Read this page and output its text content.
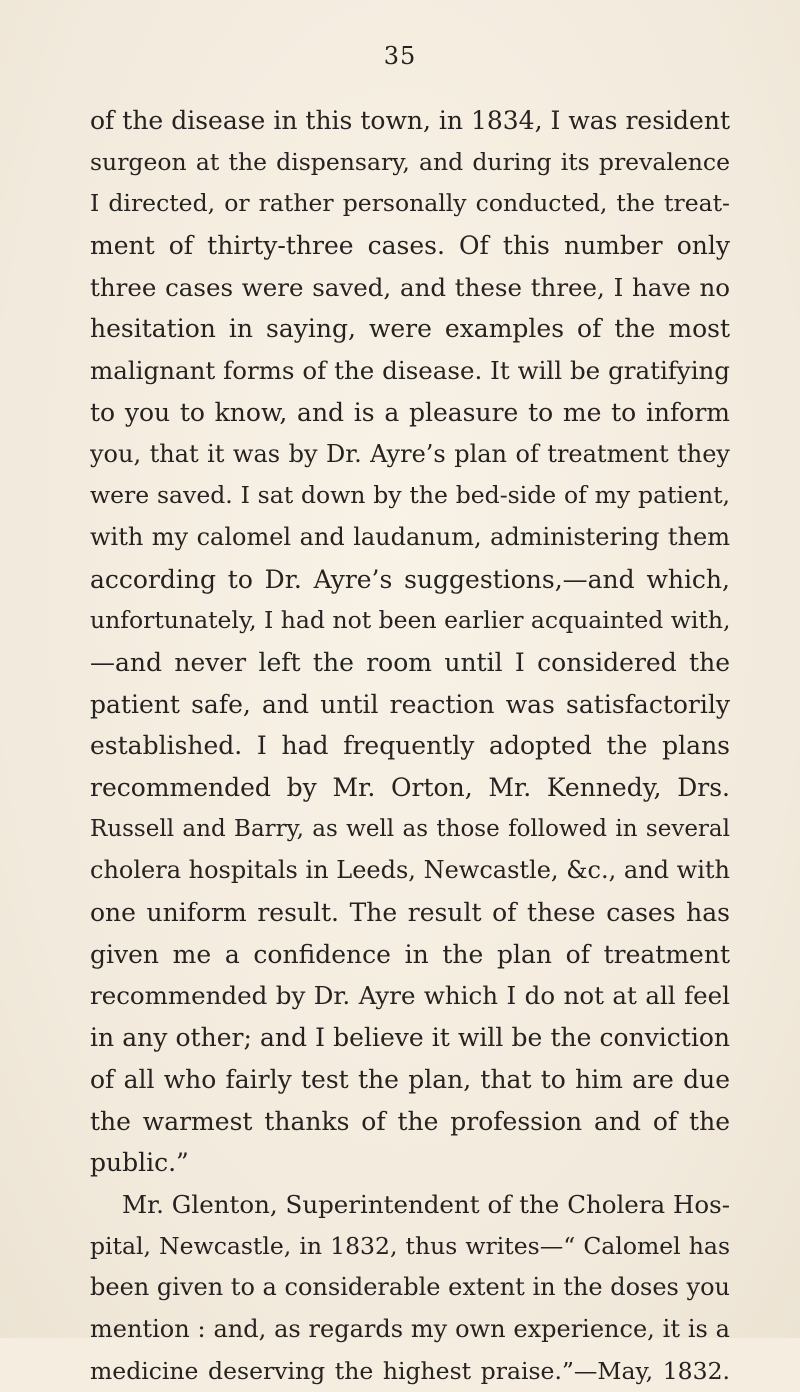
35
of the disease in this town, in 1834, I was resident
surgeon at the dispensary, and during its prevalence
I directed, or rather personally conducted, the treat-
ment of thirty-three cases. Of this number only
three cases were saved, and these three, I have no
hesitation in saying, were examples of the most
malignant forms of the disease. It will be gratifying
to you to know, and is a pleasure to me to inform
you, that it was by Dr. Ayre’s plan of treatment they
were saved. I sat down by the bed-side of my patient,
with my calomel and laudanum, administering them
according to Dr. Ayre’s suggestions,—and which,
unfortunately, I had not been earlier acquainted with,
—and never left the room until I considered the
patient safe, and until reaction was satisfactorily
established. I had frequently adopted the plans
recommended by Mr. Orton, Mr. Kennedy, Drs.
Russell and Barry, as well as those followed in several
cholera hospitals in Leeds, Newcastle, &c., and with
one uniform result. The result of these cases has
given me a confidence in the plan of treatment
recommended by Dr. Ayre which I do not at all feel
in any other; and I believe it will be the conviction
of all who fairly test the plan, that to him are due
the warmest thanks of the profession and of the
public.”
Mr. Glenton, Superintendent of the Cholera Hos-
pital, Newcastle, in 1832, thus writes—“ Calomel has
been given to a considerable extent in the doses you
mention : and, as regards my own experience, it is a
medicine deserving the highest praise.”—May, 1832.
